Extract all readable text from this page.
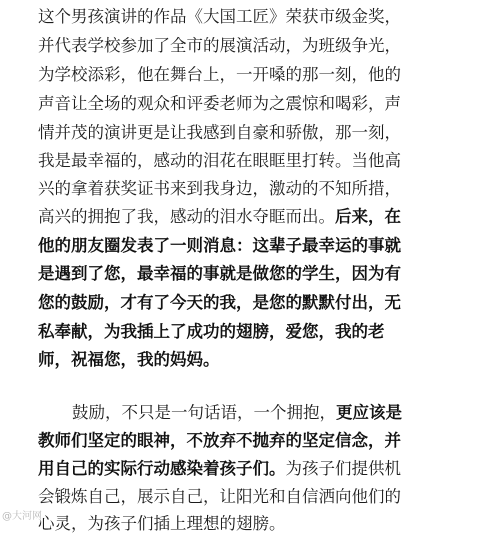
这个男孩演讲的作品《大国工匠》荣获市级金奖，
并代表学校参加了全市的展演活动，为班级争光，
为学校添彩，他在舞台上，一开嗓的那一刻，他的
声音让全场的观众和评委老师为之震惊和喝彩，声
情并茂的演讲更是让我感到自豪和骄傲，那一刻，
我是最幸福的，感动的泪花在眼眶里打转。当他高
兴的拿着获奖证书来到我身边，激动的不知所措，
高兴的拥抱了我，感动的泪水夺眶而出。后来，在
他的朋友圈发表了一则消息：这辈子最幸运的事就
是遇到了您，最幸福的事就是做您的学生，因为有
您的鼓励，才有了今天的我，是您的默默付出，无
私奉献，为我插上了成功的翅膀，爱您，我的老
师，祝福您，我的妈妈。
鼓励，不只是一句话语，一个拥抱，更应该是
教师们坚定的眼神，不放弃不抛弃的坚定信念，并
用自己的实际行动感染着孩子们。为孩子们提供机
会锻炼自己，展示自己，让阳光和自信洒向他们的
心灵，为孩子们插上理想的翅膀。
@大河网
